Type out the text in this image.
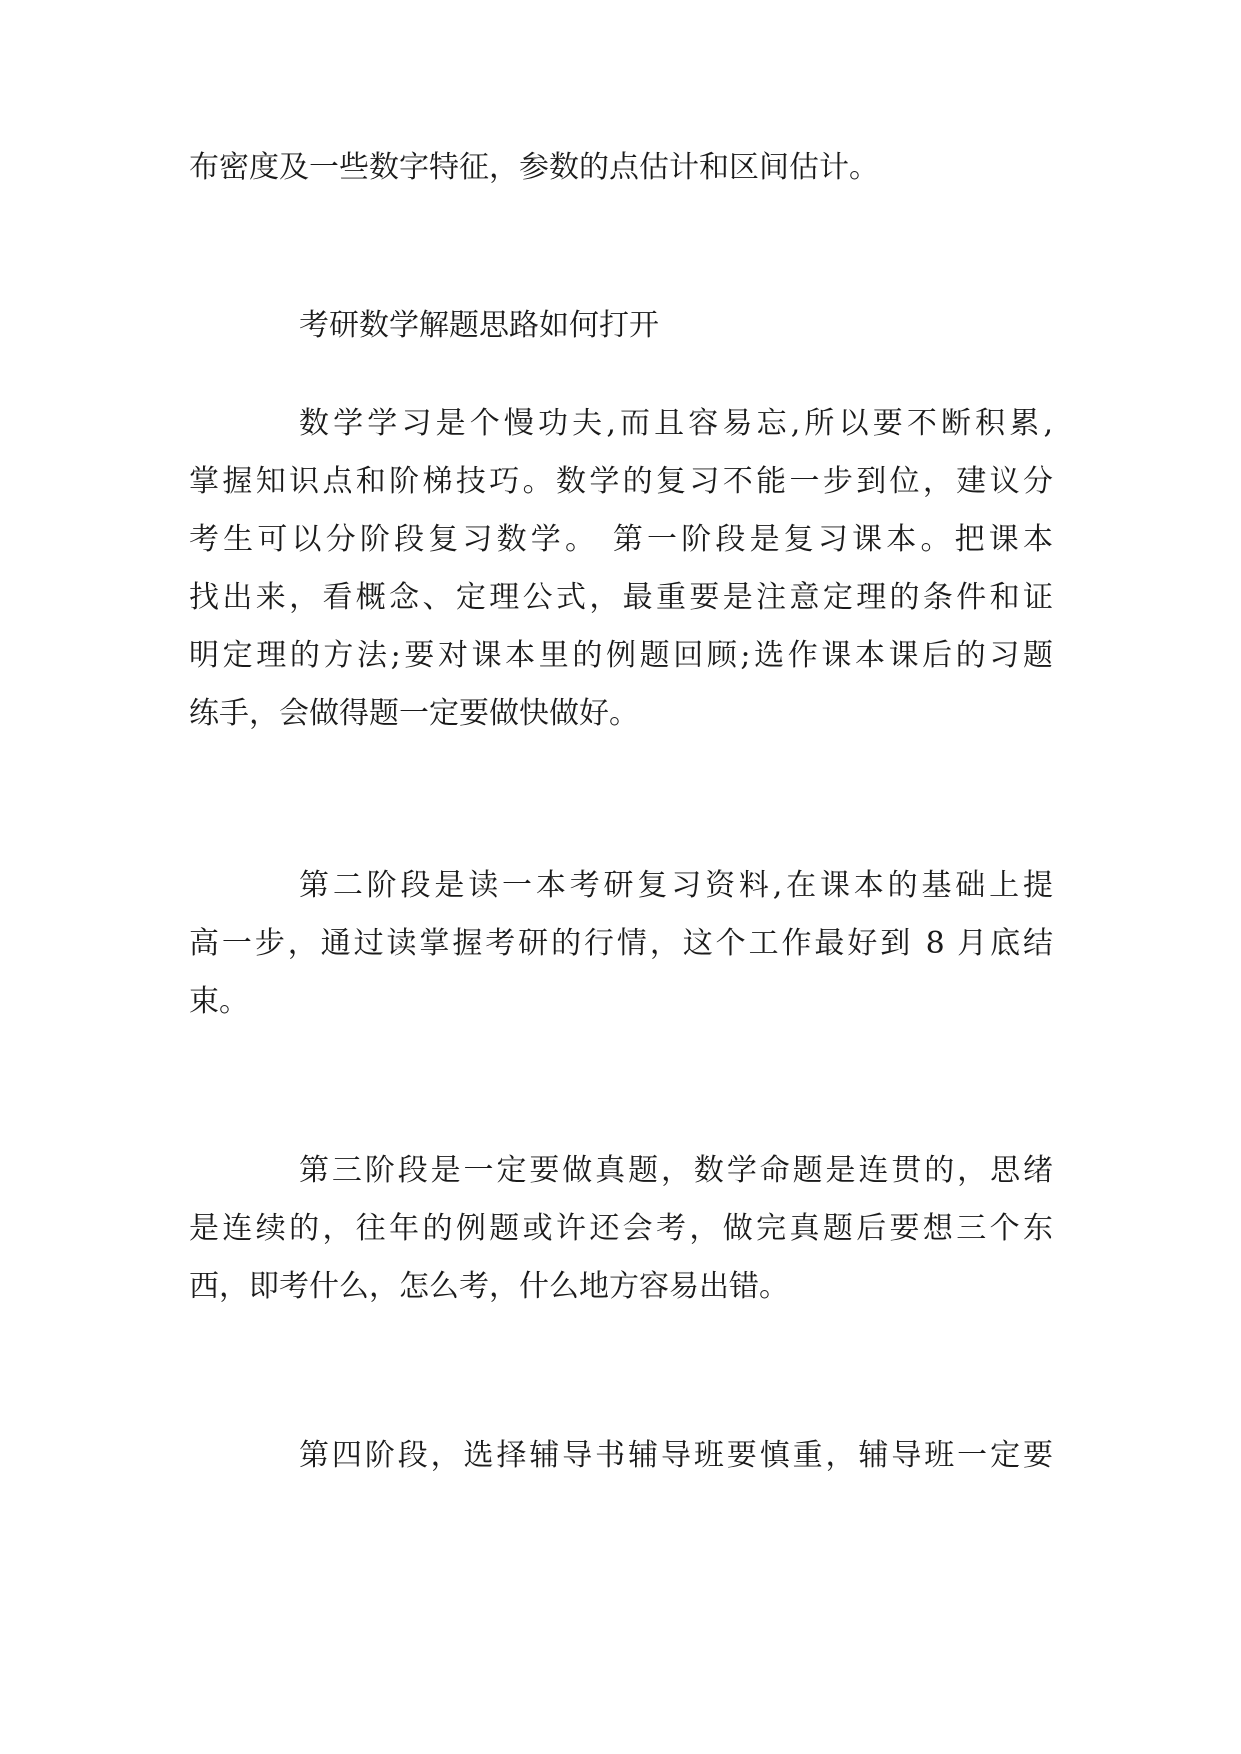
布密度及一些数字特征，参数的点估计和区间估计。
考研数学解题思路如何打开
数学学习是个慢功夫,而且容易忘,所以要不断积累,
掌握知识点和阶梯技巧。数学的复习不能一步到位，建议分
考生可以分阶段复习数学。 第一阶段是复习课本。把课本
找出来，看概念、定理公式，最重要是注意定理的条件和证
明定理的方法;要对课本里的例题回顾;选作课本课后的习题
练手，会做得题一定要做快做好。
第二阶段是读一本考研复习资料,在课本的基础上提
高一步，通过读掌握考研的行情，这个工作最好到 8 月底结
束。
第三阶段是一定要做真题，数学命题是连贯的，思绪
是连续的，往年的例题或许还会考，做完真题后要想三个东
西，即考什么，怎么考，什么地方容易出错。
第四阶段，选择辅导书辅导班要慎重，辅导班一定要
